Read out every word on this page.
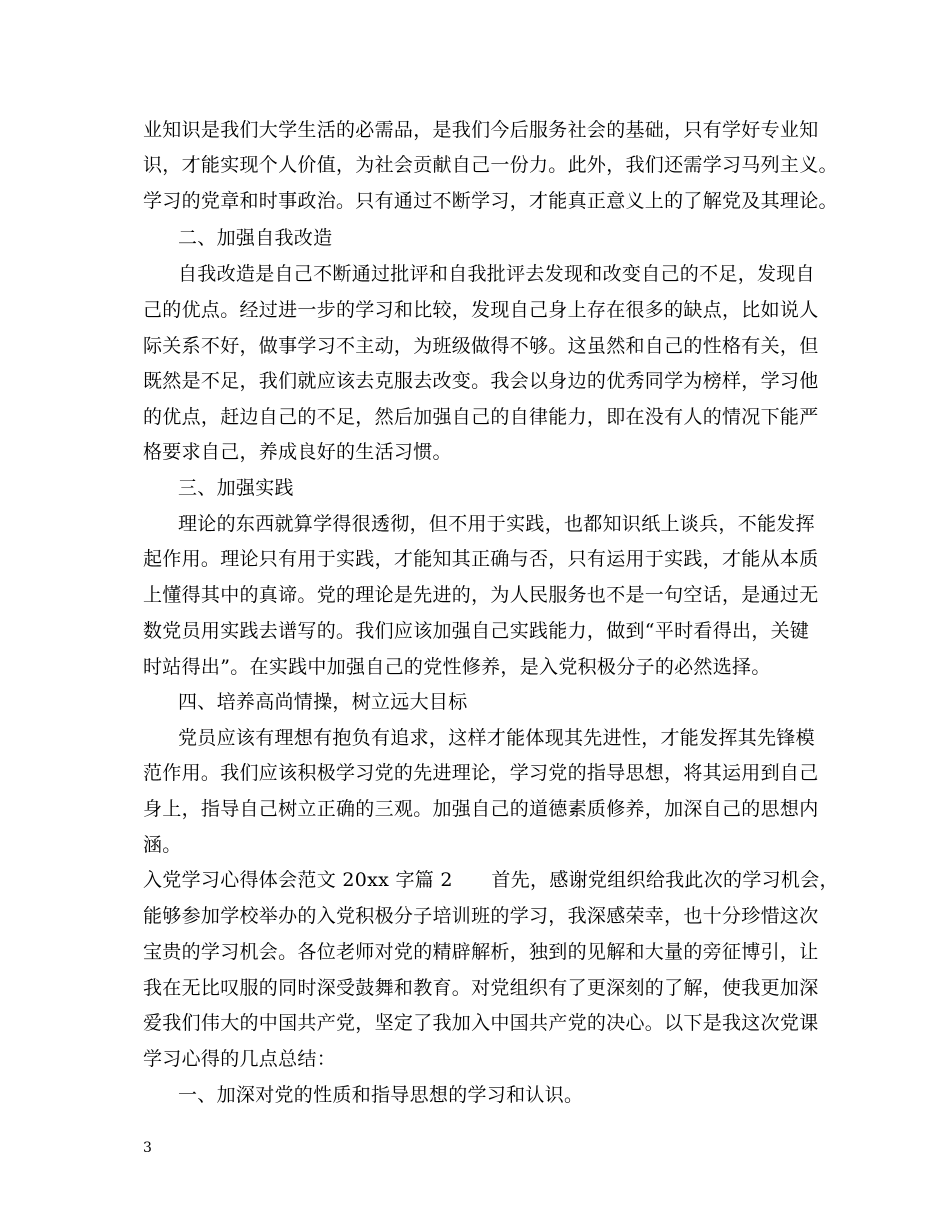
业知识是我们大学生活的必需品，是我们今后服务社会的基础，只有学好专业知
识，才能实现个人价值，为社会贡献自己一份力。此外，我们还需学习马列主义。
学习的党章和时事政治。只有通过不断学习，才能真正意义上的了解党及其理论。
二、加强自我改造
自我改造是自己不断通过批评和自我批评去发现和改变自己的不足，发现自
己的优点。经过进一步的学习和比较，发现自己身上存在很多的缺点，比如说人
际关系不好，做事学习不主动，为班级做得不够。这虽然和自己的性格有关，但
既然是不足，我们就应该去克服去改变。我会以身边的优秀同学为榜样，学习他
的优点，赶边自己的不足，然后加强自己的自律能力，即在没有人的情况下能严
格要求自己，养成良好的生活习惯。
三、加强实践
理论的东西就算学得很透彻，但不用于实践，也都知识纸上谈兵，不能发挥
起作用。理论只有用于实践，才能知其正确与否，只有运用于实践，才能从本质
上懂得其中的真谛。党的理论是先进的，为人民服务也不是一句空话，是通过无
数党员用实践去谱写的。我们应该加强自己实践能力，做到“平时看得出，关键
时站得出”。在实践中加强自己的党性修养，是入党积极分子的必然选择。
四、培养高尚情操，树立远大目标
党员应该有理想有抱负有追求，这样才能体现其先进性，才能发挥其先锋模
范作用。我们应该积极学习党的先进理论，学习党的指导思想，将其运用到自己
身上，指导自己树立正确的三观。加强自己的道德素质修养，加深自己的思想内
涵。
入党学习心得体会范文 20xx 字篇 2　　首先，感谢党组织给我此次的学习机会，
能够参加学校举办的入党积极分子培训班的学习，我深感荣幸，也十分珍惜这次
宝贵的学习机会。各位老师对党的精辟解析，独到的见解和大量的旁征博引，让
我在无比叹服的同时深受鼓舞和教育。对党组织有了更深刻的了解，使我更加深
爱我们伟大的中国共产党，坚定了我加入中国共产党的决心。以下是我这次党课
学习心得的几点总结：
一、加深对党的性质和指导思想的学习和认识。
3
